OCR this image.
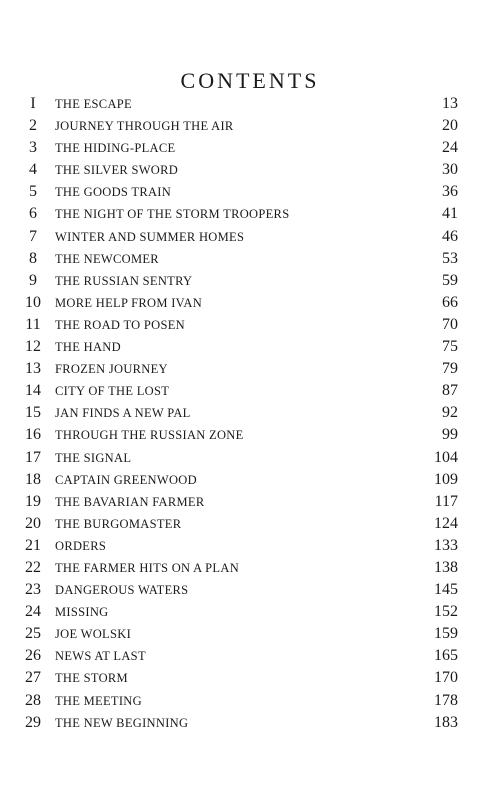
CONTENTS
I	THE ESCAPE	13
2	JOURNEY THROUGH THE AIR	20
3	THE HIDING-PLACE	24
4	THE SILVER SWORD	30
5	THE GOODS TRAIN	36
6	THE NIGHT OF THE STORM TROOPERS	41
7	WINTER AND SUMMER HOMES	46
8	THE NEWCOMER	53
9	THE RUSSIAN SENTRY	59
10	MORE HELP FROM IVAN	66
11	THE ROAD TO POSEN	70
12	THE HAND	75
13	FROZEN JOURNEY	79
14	CITY OF THE LOST	87
15	JAN FINDS A NEW PAL	92
16	THROUGH THE RUSSIAN ZONE	99
17	THE SIGNAL	104
18	CAPTAIN GREENWOOD	109
19	THE BAVARIAN FARMER	117
20	THE BURGOMASTER	124
21	ORDERS	133
22	THE FARMER HITS ON A PLAN	138
23	DANGEROUS WATERS	145
24	MISSING	152
25	JOE WOLSKI	159
26	NEWS AT LAST	165
27	THE STORM	170
28	THE MEETING	178
29	THE NEW BEGINNING	183
